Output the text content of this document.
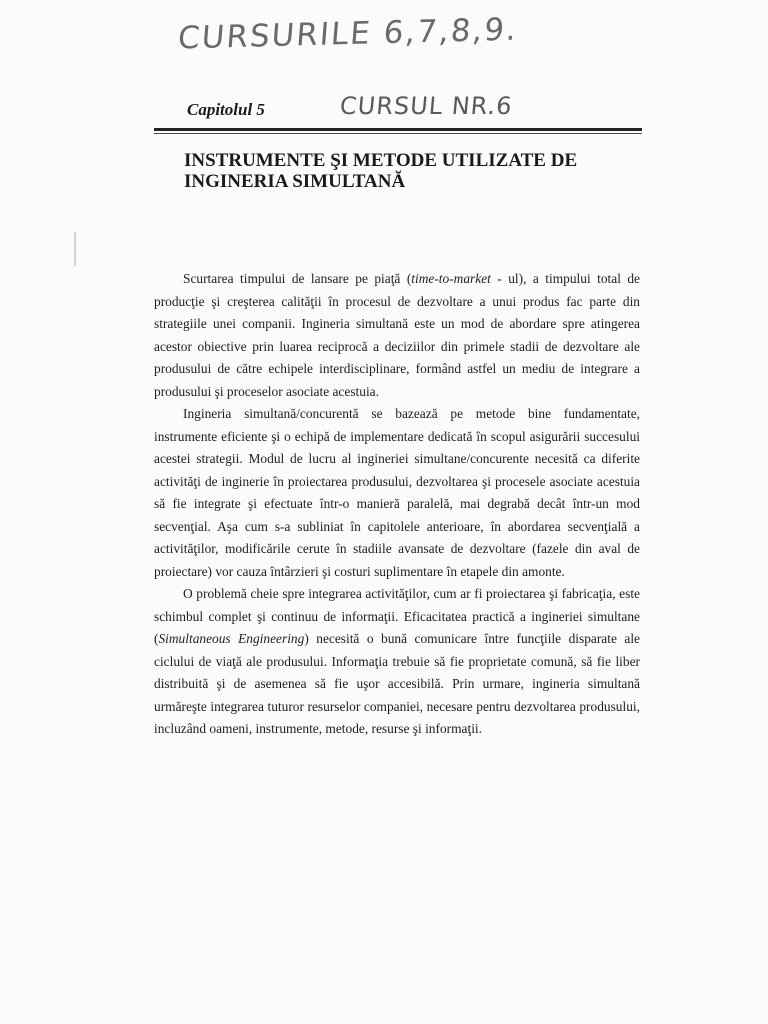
CURSURILE 6,7,8,9.
Capitolul 5	CURSUL NR.6
INSTRUMENTE ŞI METODE UTILIZATE DE
INGINERIA SIMULTANĂ

Scurtarea timpului de lansare pe piaţă (time-to-market - ul), a timpului total de producţie şi creşterea calităţii în procesul de dezvoltare a unui produs fac parte din strategiile unei companii. Ingineria simultană este un mod de abordare spre atingerea acestor obiective prin luarea reciprocă a deciziilor din primele stadii de dezvoltare ale produsului de către echipele interdisciplinare, formând astfel un mediu de integrare a produsului şi proceselor asociate acestuia.

Ingineria simultană/concurentă se bazează pe metode bine fundamentate, instrumente eficiente şi o echipă de implementare dedicată în scopul asigurării succesului acestei strategii. Modul de lucru al ingineriei simultane/concurente necesită ca diferite activităţi de inginerie în proiectarea produsului, dezvoltarea şi procesele asociate acestuia să fie integrate şi efectuate într-o manieră paralelă, mai degrabă decât într-un mod secvenţial. Aşa cum s-a subliniat în capitolele anterioare, în abordarea secvenţială a activităţilor, modificările cerute în stadiile avansate de dezvoltare (fazele din aval de proiectare) vor cauza întârzieri şi costuri suplimentare în etapele din amonte.

O problemă cheie spre integrarea activităţilor, cum ar fi proiectarea şi fabricaţia, este schimbul complet şi continuu de informaţii. Eficacitatea practică a ingineriei simultane (Simultaneous Engineering) necesită o bună comunicare între funcţiile disparate ale ciclului de viaţă ale produsului. Informaţia trebuie să fie proprietate comună, să fie liber distribuită şi de asemenea să fie uşor accesibilă. Prin urmare, ingineria simultană urmăreşte integrarea tuturor resurselor companiei, necesare pentru dezvoltarea produsului, incluzând oameni, instrumente, metode, resurse şi informaţii.
